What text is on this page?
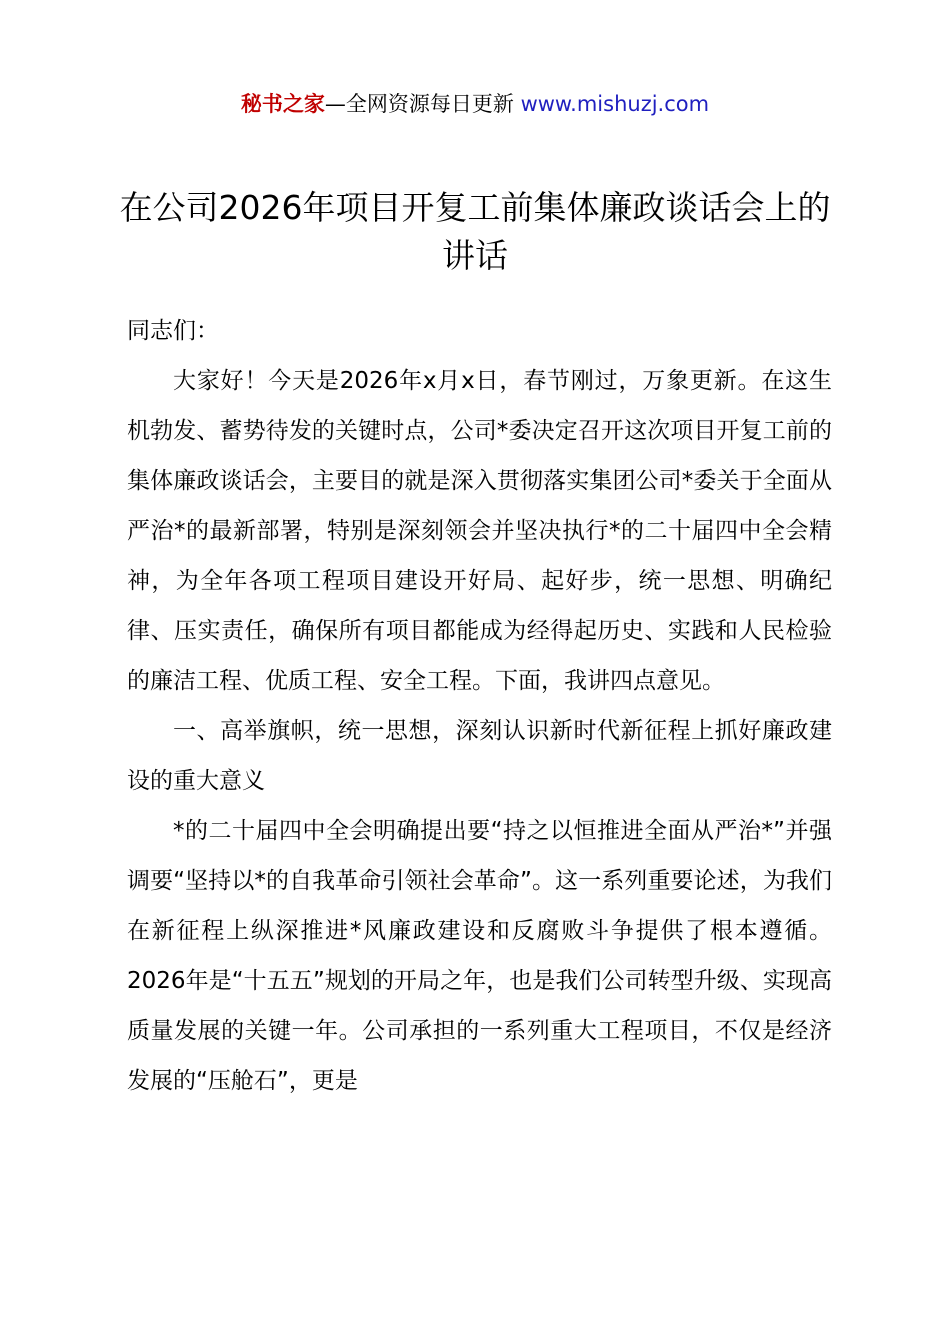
秘书之家—全网资源每日更新 www.mishuzj.com
在公司2026年项目开复工前集体廉政谈话会上的讲话

同志们：

大家好！今天是2026年x月x日，春节刚过，万象更新。在这生机勃发、蓄势待发的关键时点，公司*委决定召开这次项目开复工前的集体廉政谈话会，主要目的就是深入贯彻落实集团公司*委关于全面从严治*的最新部署，特别是深刻领会并坚决执行*的二十届四中全会精神，为全年各项工程项目建设开好局、起好步，统一思想、明确纪律、压实责任，确保所有项目都能成为经得起历史、实践和人民检验的廉洁工程、优质工程、安全工程。下面，我讲四点意见。

一、高举旗帜，统一思想，深刻认识新时代新征程上抓好廉政建设的重大意义

*的二十届四中全会明确提出要“持之以恒推进全面从严治*”并强调要“坚持以*的自我革命引领社会革命”。这一系列重要论述，为我们在新征程上纵深推进*风廉政建设和反腐败斗争提供了根本遵循。2026年是“十五五”规划的开局之年，也是我们公司转型升级、实现高质量发展的关键一年。公司承担的一系列重大工程项目，不仅是经济发展的“压舱石”，更是
